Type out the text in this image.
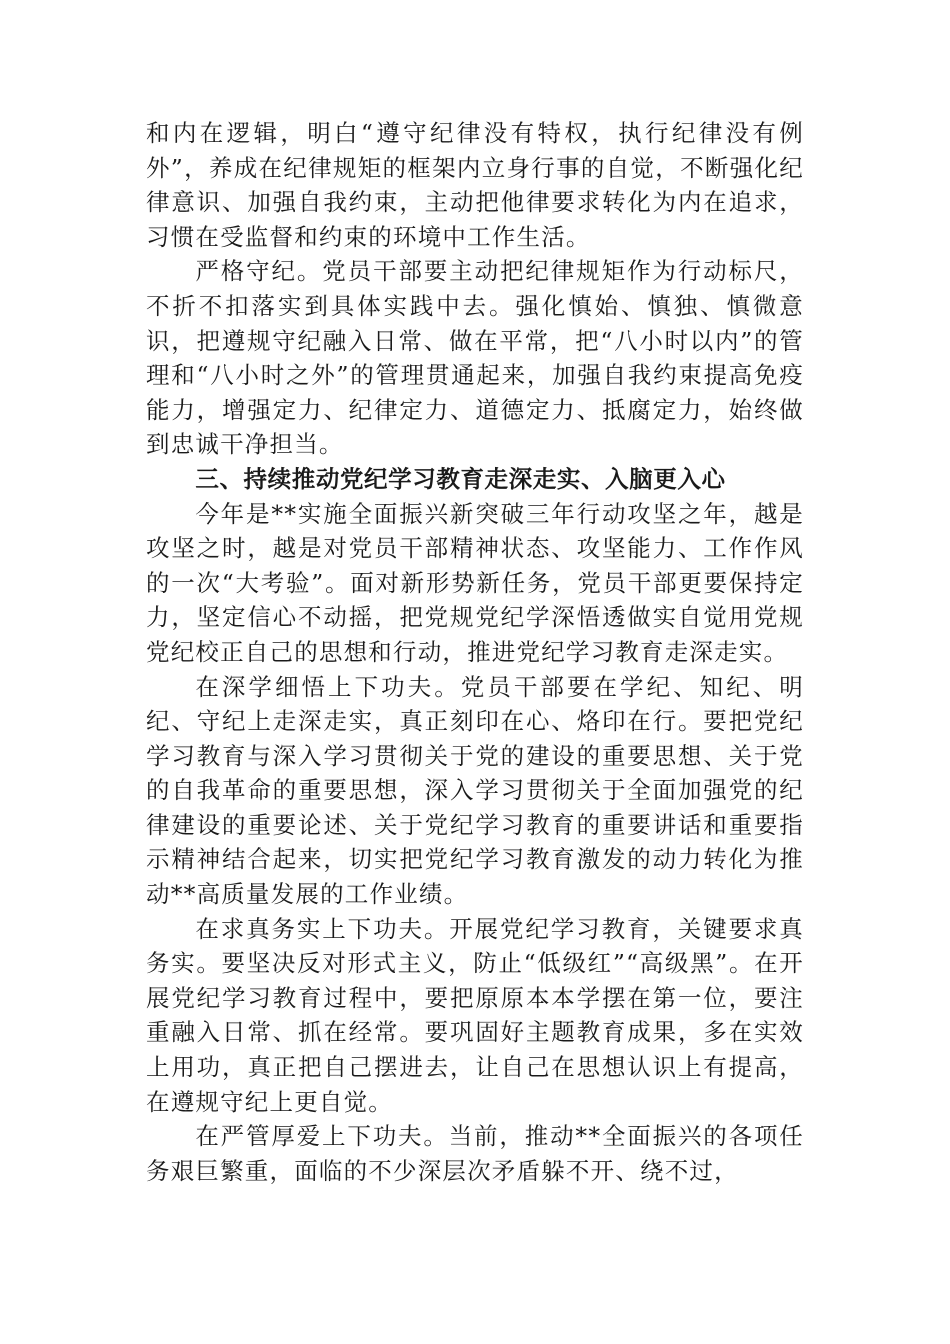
和内在逻辑，明白“遵守纪律没有特权，执行纪律没有例外”，养成在纪律规矩的框架内立身行事的自觉，不断强化纪律意识、加强自我约束，主动把他律要求转化为内在追求，习惯在受监督和约束的环境中工作生活。

严格守纪。党员干部要主动把纪律规矩作为行动标尺，不折不扣落实到具体实践中去。强化慎始、慎独、慎微意识，把遵规守纪融入日常、做在平常，把“八小时以内”的管理和“八小时之外”的管理贯通起来，加强自我约束提高免疫能力，增强定力、纪律定力、道德定力、抵腐定力，始终做到忠诚干净担当。

三、持续推动党纪学习教育走深走实、入脑更入心

今年是**实施全面振兴新突破三年行动攻坚之年，越是攻坚之时，越是对党员干部精神状态、攻坚能力、工作作风的一次“大考验”。面对新形势新任务，党员干部更要保持定力，坚定信心不动摇，把党规党纪学深悟透做实自觉用党规党纪校正自己的思想和行动，推进党纪学习教育走深走实。

在深学细悟上下功夫。党员干部要在学纪、知纪、明纪、守纪上走深走实，真正刻印在心、烙印在行。要把党纪学习教育与深入学习贯彻关于党的建设的重要思想、关于党的自我革命的重要思想，深入学习贯彻关于全面加强党的纪律建设的重要论述、关于党纪学习教育的重要讲话和重要指示精神结合起来，切实把党纪学习教育激发的动力转化为推动**高质量发展的工作业绩。

在求真务实上下功夫。开展党纪学习教育，关键要求真务实。要坚决反对形式主义，防止“低级红”“高级黑”。在开展党纪学习教育过程中，要把原原本本学摆在第一位，要注重融入日常、抓在经常。要巩固好主题教育成果，多在实效上用功，真正把自己摆进去，让自己在思想认识上有提高，在遵规守纪上更自觉。

在严管厚爱上下功夫。当前，推动**全面振兴的各项任务艰巨繁重，面临的不少深层次矛盾躲不开、绕不过，
